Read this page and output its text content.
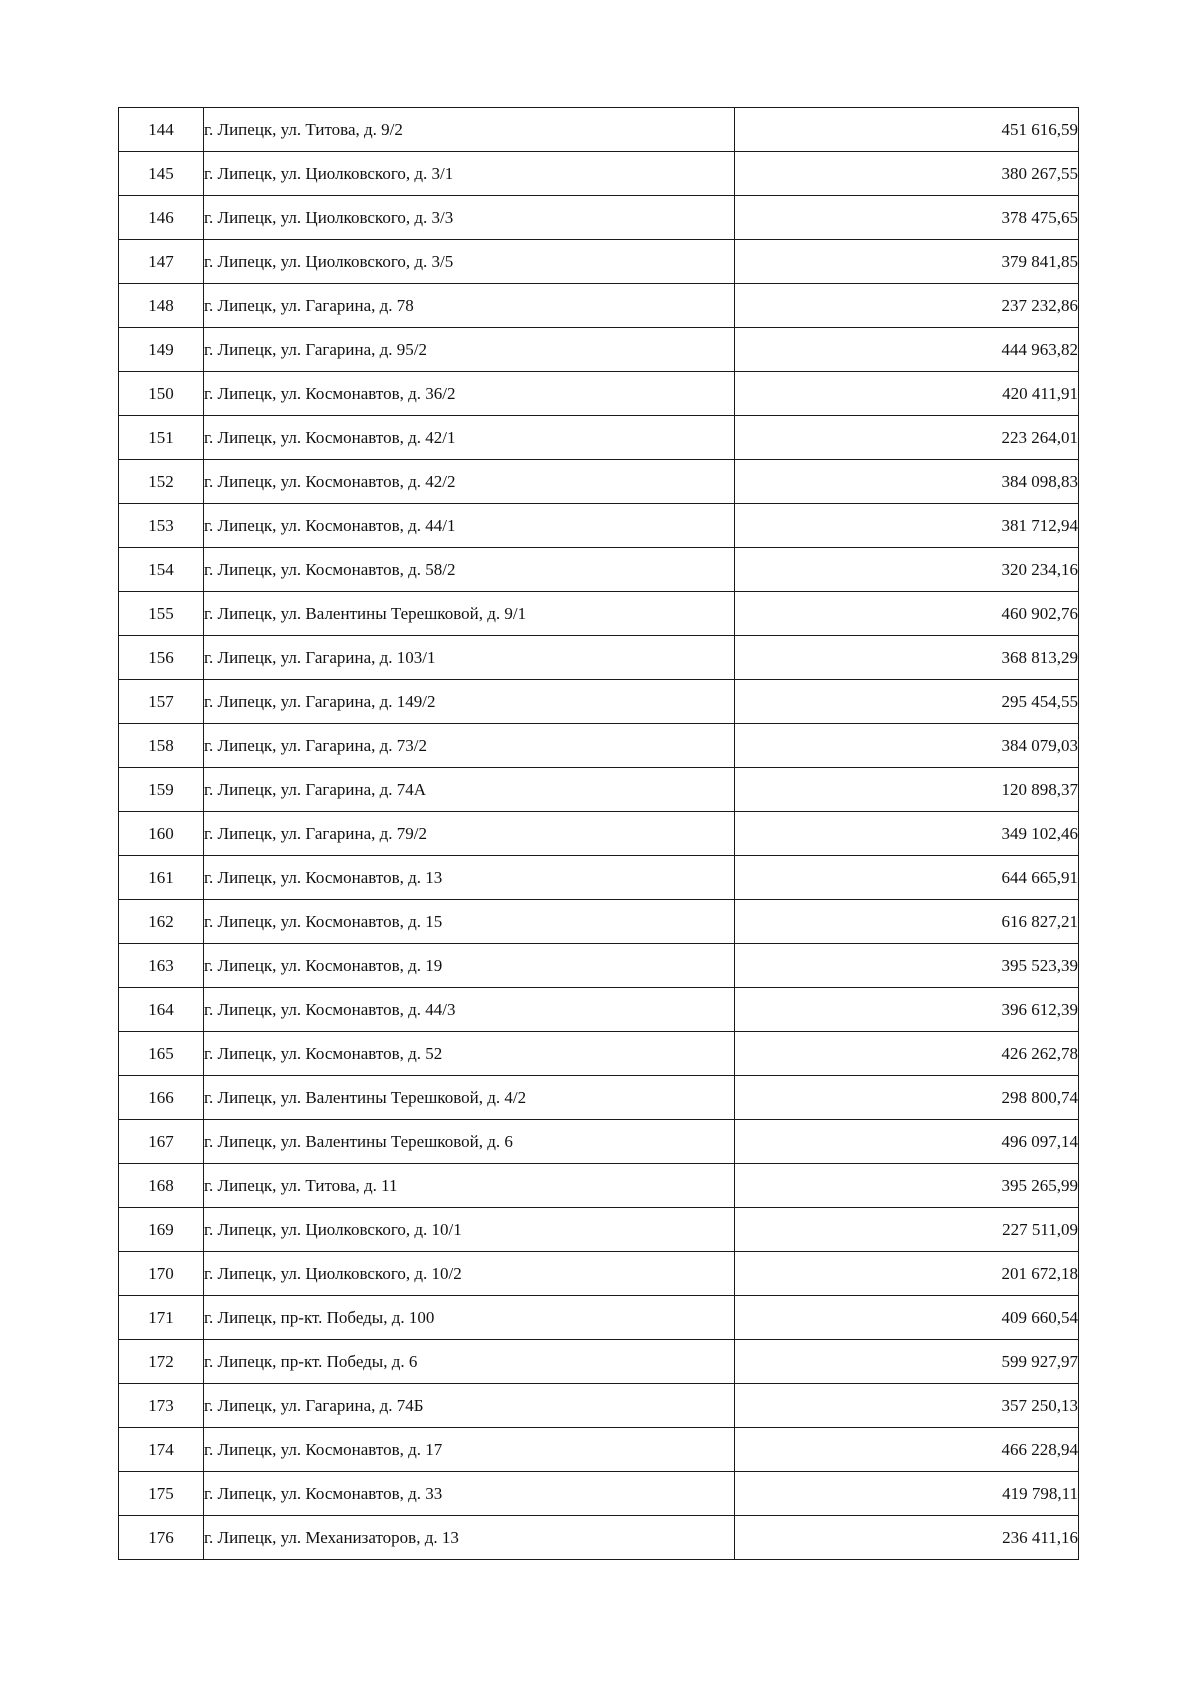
144	г. Липецк, ул. Титова, д. 9/2	451 616,59
145	г. Липецк, ул. Циолковского, д. 3/1	380 267,55
146	г. Липецк, ул. Циолковского, д. 3/3	378 475,65
147	г. Липецк, ул. Циолковского, д. 3/5	379 841,85
148	г. Липецк, ул. Гагарина, д. 78	237 232,86
149	г. Липецк, ул. Гагарина, д. 95/2	444 963,82
150	г. Липецк, ул. Космонавтов, д. 36/2	420 411,91
151	г. Липецк, ул. Космонавтов, д. 42/1	223 264,01
152	г. Липецк, ул. Космонавтов, д. 42/2	384 098,83
153	г. Липецк, ул. Космонавтов, д. 44/1	381 712,94
154	г. Липецк, ул. Космонавтов, д. 58/2	320 234,16
155	г. Липецк, ул. Валентины Терешковой, д. 9/1	460 902,76
156	г. Липецк, ул. Гагарина, д. 103/1	368 813,29
157	г. Липецк, ул. Гагарина, д. 149/2	295 454,55
158	г. Липецк, ул. Гагарина, д. 73/2	384 079,03
159	г. Липецк, ул. Гагарина, д. 74А	120 898,37
160	г. Липецк, ул. Гагарина, д. 79/2	349 102,46
161	г. Липецк, ул. Космонавтов, д. 13	644 665,91
162	г. Липецк, ул. Космонавтов, д. 15	616 827,21
163	г. Липецк, ул. Космонавтов, д. 19	395 523,39
164	г. Липецк, ул. Космонавтов, д. 44/3	396 612,39
165	г. Липецк, ул. Космонавтов, д. 52	426 262,78
166	г. Липецк, ул. Валентины Терешковой, д. 4/2	298 800,74
167	г. Липецк, ул. Валентины Терешковой, д. 6	496 097,14
168	г. Липецк, ул. Титова, д. 11	395 265,99
169	г. Липецк, ул. Циолковского, д. 10/1	227 511,09
170	г. Липецк, ул. Циолковского, д. 10/2	201 672,18
171	г. Липецк, пр-кт. Победы, д. 100	409 660,54
172	г. Липецк, пр-кт. Победы, д. 6	599 927,97
173	г. Липецк, ул. Гагарина, д. 74Б	357 250,13
174	г. Липецк, ул. Космонавтов, д. 17	466 228,94
175	г. Липецк, ул. Космонавтов, д. 33	419 798,11
176	г. Липецк, ул. Механизаторов, д. 13	236 411,16
